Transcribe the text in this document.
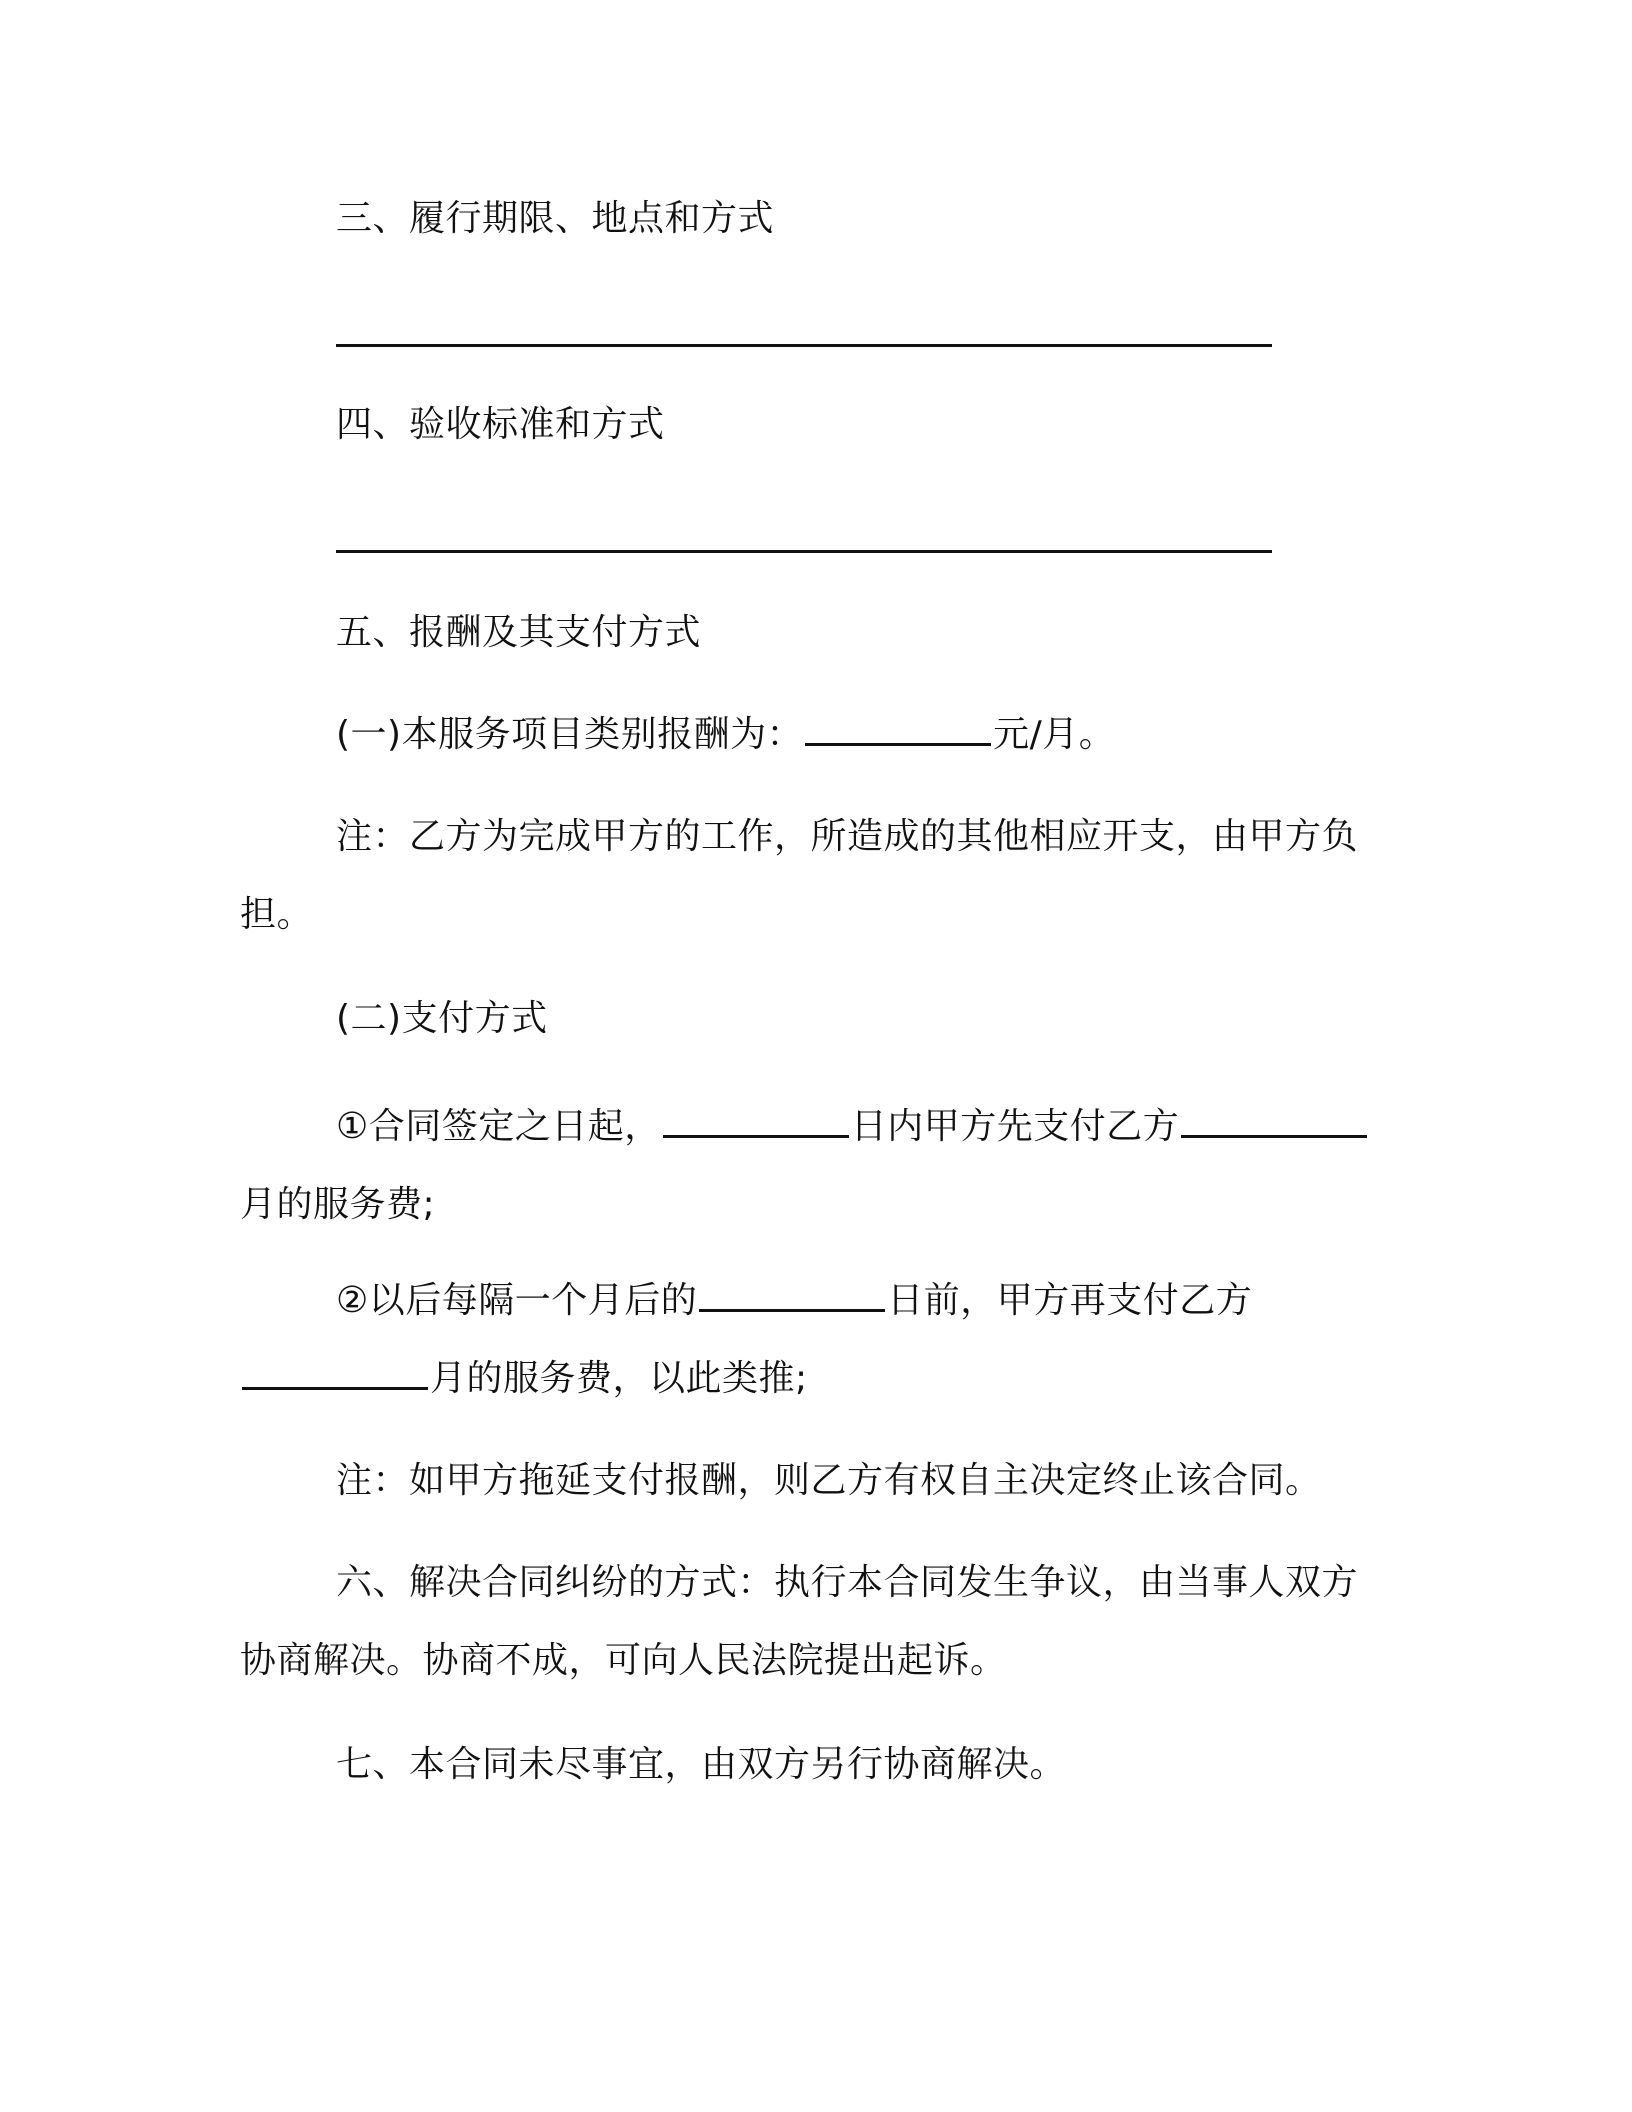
三、履行期限、地点和方式
四、验收标准和方式
五、报酬及其支付方式
(一)本服务项目类别报酬为：	元/月。
注：乙方为完成甲方的工作，所造成的其他相应开支，由甲方负担。
(二)支付方式
①合同签定之日起，	日内甲方先支付乙方月的服务费;
②以后每隔一个月后的	日前，甲方再支付乙方月的服务费，以此类推;
注：如甲方拖延支付报酬，则乙方有权自主决定终止该合同。
六、解决合同纠纷的方式：执行本合同发生争议，由当事人双方协商解决。协商不成，可向人民法院提出起诉。
七、本合同未尽事宜，由双方另行协商解决。
